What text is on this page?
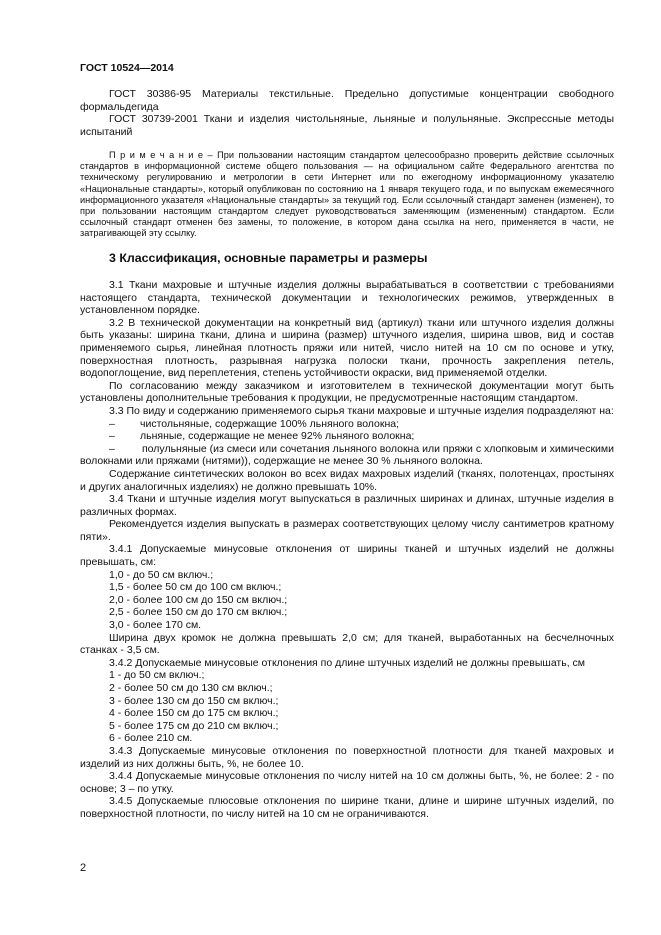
ГОСТ 10524—2014

ГОСТ 30386-95 Материалы текстильные. Предельно допустимые концентрации свободного формальдегида

ГОСТ 30739-2001 Ткани и изделия чистольняные, льняные и полульняные. Экспрессные методы испытаний

П р и м е ч а н и е – При пользовании настоящим стандартом целесообразно проверить действие ссылочных стандартов в информационной системе общего пользования — на официальном сайте Федерального агентства по техническому регулированию и метрологии в сети Интернет или по ежегодному информационному указателю «Национальные стандарты», который опубликован по состоянию на 1 января текущего года, и по выпускам ежемесячного информационного указателя «Национальные стандарты» за текущий год. Если ссылочный стандарт заменен (изменен), то при пользовании настоящим стандартом следует руководствоваться заменяющим (измененным) стандартом. Если ссылочный стандарт отменен без замены, то положение, в котором дана ссылка на него, применяется в части, не затрагивающей эту ссылку.

3 Классификация, основные параметры и размеры

3.1 Ткани махровые и штучные изделия должны вырабатываться в соответствии с требованиями настоящего стандарта, технической документации и технологических режимов, утвержденных в установленном порядке.

3.2 В технической документации на конкретный вид (артикул) ткани или штучного изделия должны быть указаны: ширина ткани, длина и ширина (размер) штучного изделия, ширина швов, вид и состав применяемого сырья, линейная плотность пряжи или нитей, число нитей на 10 см по основе и утку, поверхностная плотность, разрывная нагрузка полоски ткани, прочность закрепления петель, водопоглощение, вид переплетения, степень устойчивости окраски, вид применяемой отделки.

По согласованию между заказчиком и изготовителем в технической документации могут быть установлены дополнительные требования к продукции, не предусмотренные настоящим стандартом.

3.3 По виду и содержанию применяемого сырья ткани махровые и штучные изделия подразделяют на:

– чистольняные, содержащие 100% льняного волокна;

– льняные, содержащие не менее 92% льняного волокна;

–	полульняные (из смеси или сочетания льняного волокна или пряжи с хлопковым и химическими волокнами или пряжами (нитями)), содержащие не менее 30 % льняного волокна.

Содержание синтетических волокон во всех видах махровых изделий (тканях, полотенцах, простынях и других аналогичных изделиях) не должно превышать 10%.

3.4 Ткани и штучные изделия могут выпускаться в различных ширинах и длинах, штучные изделия в различных формах.

Рекомендуется изделия выпускать в размерах соответствующих целому числу сантиметров кратному пяти».

3.4.1 Допускаемые минусовые отклонения от ширины тканей и штучных изделий не должны превышать, см:

1,0 - до 50 см включ.;

1,5 - более 50 см до 100 см включ.;

2,0 - более 100 см до 150 см включ.;

2,5 - более 150 см до 170 см включ.;

3,0 - более 170 см.

Ширина двух кромок не должна превышать 2,0 см; для тканей, выработанных на бесчелночных станках - 3,5 см.

3.4.2 Допускаемые минусовые отклонения по длине штучных изделий не должны превышать, см

1 - до 50 см включ.;

2 - более 50 см до 130 см включ.;

3 - более 130 см до 150 см включ.;

4 - более 150 см до 175 см включ.;

5 - более 175 см до 210 см включ.;

6 - более 210 см.

3.4.3 Допускаемые минусовые отклонения по поверхностной плотности для тканей махровых и изделий из них должны быть, %, не более 10.

3.4.4 Допускаемые минусовые отклонения по числу нитей на 10 см должны быть, %, не более: 2 - по основе; 3 – по утку.

3.4.5 Допускаемые плюсовые отклонения по ширине ткани, длине и ширине штучных изделий, по поверхностной плотности, по числу нитей на 10 см не ограничиваются.

2
